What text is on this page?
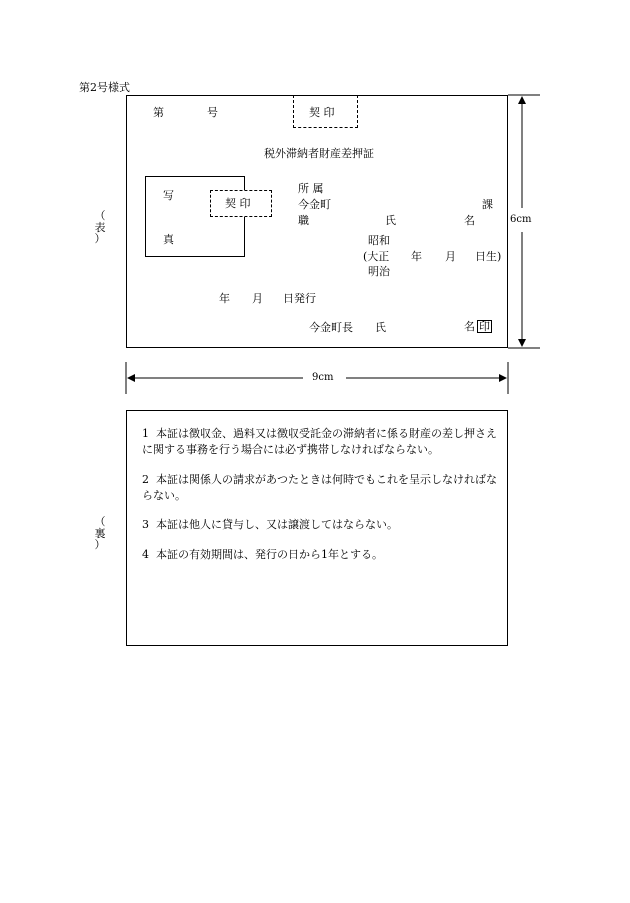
第2号様式
（
表
）
第	号	契 印
税外滞納者財産差押証
写
真
契 印
所 属
今金町	課
職	氏	名
昭和
(大正 年 月 日生)
明治
年 月 日発行
今金町長 氏	名 印
6cm
9cm
（
裏
）
1 本証は徴収金、過料又は徴収受託金の滞納者に係る財産の差し押さえに関する事務を行う場合には必ず携帯しなければならない。
2 本証は関係人の請求があつたときは何時でもこれを呈示しなければならない。
3 本証は他人に貸与し、又は譲渡してはならない。
4 本証の有効期間は、発行の日から1年とする。
